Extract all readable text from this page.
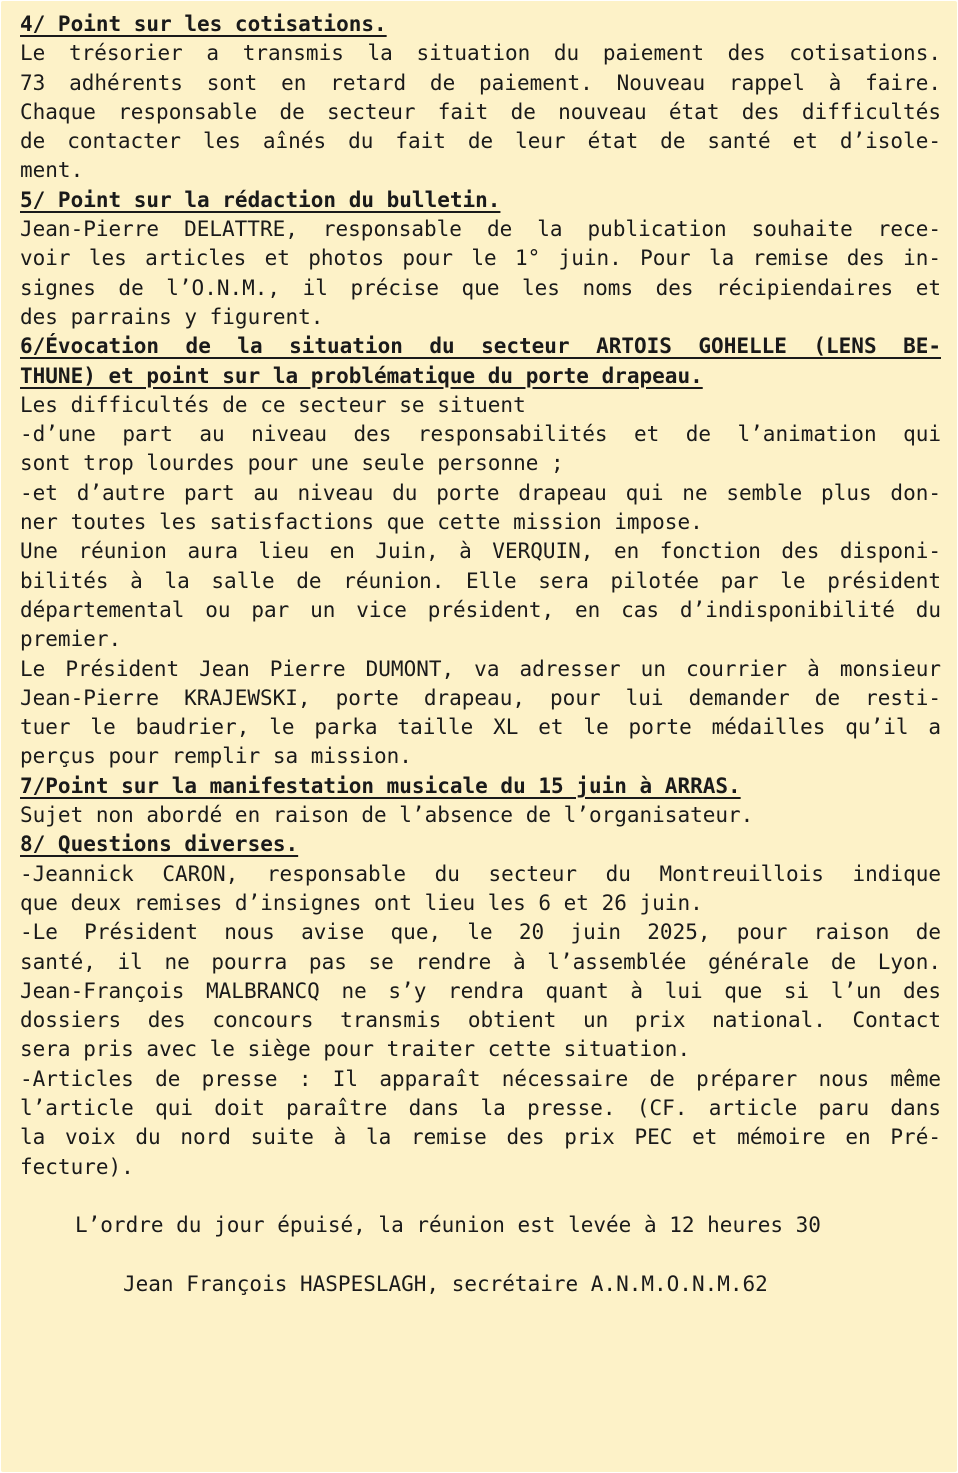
4/ Point sur les cotisations.
Le trésorier a transmis la situation du paiement des cotisations.
73 adhérents sont en retard de paiement. Nouveau rappel à faire.
Chaque responsable de secteur fait de nouveau état des difficultés
de contacter les aînés du fait de leur état de santé et d’isole-
ment.
5/ Point sur la rédaction du bulletin.
Jean-Pierre DELATTRE, responsable de la publication souhaite rece-
voir les articles et photos pour le 1° juin. Pour la remise des in-
signes de l’O.N.M., il précise que les noms des récipiendaires et
des parrains y figurent.
6/Évocation de la situation du secteur ARTOIS GOHELLE (LENS BE-
THUNE) et point sur la problématique du porte drapeau.
Les difficultés de ce secteur se situent
-d’une part au niveau des responsabilités et de l’animation qui
sont trop lourdes pour une seule personne ;
-et d’autre part au niveau du porte drapeau qui ne semble plus don-
ner toutes les satisfactions que cette mission impose.
Une réunion aura lieu en Juin, à VERQUIN, en fonction des disponi-
bilités à la salle de réunion. Elle sera pilotée par le président
départemental ou par un vice président, en cas d’indisponibilité du
premier.
Le Président Jean Pierre DUMONT, va adresser un courrier à monsieur
Jean-Pierre KRAJEWSKI, porte drapeau, pour lui demander de resti-
tuer le baudrier, le parka taille XL et le porte médailles qu’il a
perçus pour remplir sa mission.
7/Point sur la manifestation musicale du 15 juin à ARRAS.
Sujet non abordé en raison de l’absence de l’organisateur.
8/ Questions diverses.
-Jeannick CARON, responsable du secteur du Montreuillois indique
que deux remises d’insignes ont lieu les 6 et 26 juin.
-Le Président nous avise que, le 20 juin 2025, pour raison de
santé, il ne pourra pas se rendre à l’assemblée générale de Lyon.
Jean-François MALBRANCQ ne s’y rendra quant à lui que si l’un des
dossiers des concours transmis obtient un prix national. Contact
sera pris avec le siège pour traiter cette situation.
-Articles de presse : Il apparaît nécessaire de préparer nous même
l’article qui doit paraître dans la presse. (CF. article paru dans
la voix du nord suite à la remise des prix PEC et mémoire en Pré-
fecture).
L’ordre du jour épuisé, la réunion est levée à 12 heures 30
Jean François HASPESLAGH, secrétaire A.N.M.O.N.M.62
